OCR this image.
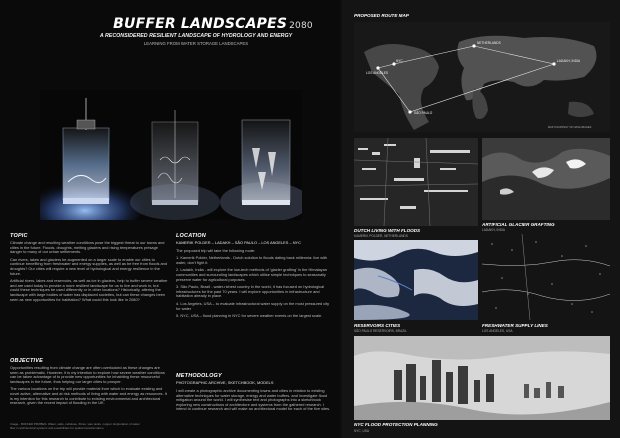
BUFFER LANDSCAPES 2080
A RECONSIDERED RESILIENT LANDSCAPE OF HYDROLOGY AND ENERGY
LEARNING FROM WATER STORAGE LANDSCAPES
TOPIC

Climate change and resulting weather conditions pose the biggest threat to our towns and cities in the future. Floods, droughts, melting glaciers and rising temperatures presage danger to many of our urban settlements.

Can rivers, lakes and glaciers be augmented on a larger scale to enable our cities to continue benefiting from freshwater and energy supplies, as well as be free from floods and droughts? Our cities will require a new level of hydrological and energy resilience in the future.

Artificial rivers, lakes and reservoirs, as well as ice in glaciers, help to buffer severe weather and are used today to provide a more resilient landscape for us to live and work in, but could these techniques be used differently or in other locations? Historically, altering the landscape with large bodies of water has displaced societies, but can these changes been seen as new opportunities for habitation? What could this look like in 2080?

OBJECTIVE

Opportunities resulting from climate change are often overlooked as these changes are seen as problematic. However, it is my intention to explore how severe weather conditions can be taken advantage of to provide new opportunities for inhabiting these resourceful landscapes in the future, thus helping our larger cities to prosper.

The various locations on the trip will provide material from which to evaluate existing and novel active, alternative and at risk methods of living with water and energy as resources. It is my intention for this research to contribute to existing environmental and architectural research, given the recent impact of flooding in the UK.

Image - BUFFER PROBES. Water, salts, cellulose, fibres, wax tanks, copper. Exploration of water flow in architectural systems and possibilities for spatial transformation.
LOCATION

KAMERIK POLDER – LADAKH – SÃO PAULO – LOS ANGELES – NYC

The proposed trip will take the following route:

1. Kamerik Polder, Netherlands - Dutch solution to floods dating back millennia: live with water, don't fight it.

2. Ladakh, India - will explore the low-tech methods of 'glacier grafting' in the Himalayan communities and surrounding landscapes which utilise simple techniques to seasonally preserve water for agricultural purposes.

3. São Paulo, Brazil - water-richest country in the world, it has focused on hydrological infrastructures for the past 70 years. I will explore opportunities in infrastructure and habitation already in place.

4. Los Angeles, USA – to evaluate infrastructural water supply on the most pressured city for water

5. NYC, USA – flood planning in NYC for severe weather events on the largest scale.

METHODOLOGY
PHOTOGRAPHIC ARCHIVE, SKETCHBOOK, MODELS
I will create a photographic archive documenting towns and cities in relation to existing alternative techniques for water storage, energy and water buffers, and investigate flood mitigation around the world. I will synthesise text and photographs into a sketchbook exploring new constructions of architecture and systems from the gathered research. I intend to continue research and will make an architectural model for each of the five sites.
PROPOSED ROUTE MAP
NETHERLANDS
LOS ANGELES
NYC	LADAKH, INDIA
SÃO PAULO
MAP COURTESY OF NASA IMAGES
DUTCH LIVING WITH FLOODS
KAMERIK POLDER, NETHERLANDS
ARTIFICIAL GLACIER GRAFTING
LADAKH, INDIA
RESERVOIRS CITIES
SÃO PAULO RESERVOIRS, BRAZIL
FRESHWATER SUPPLY LINES
LOS ANGELES, USA
NYC FLOOD PROTECTION PLANNING
NYC, USA
